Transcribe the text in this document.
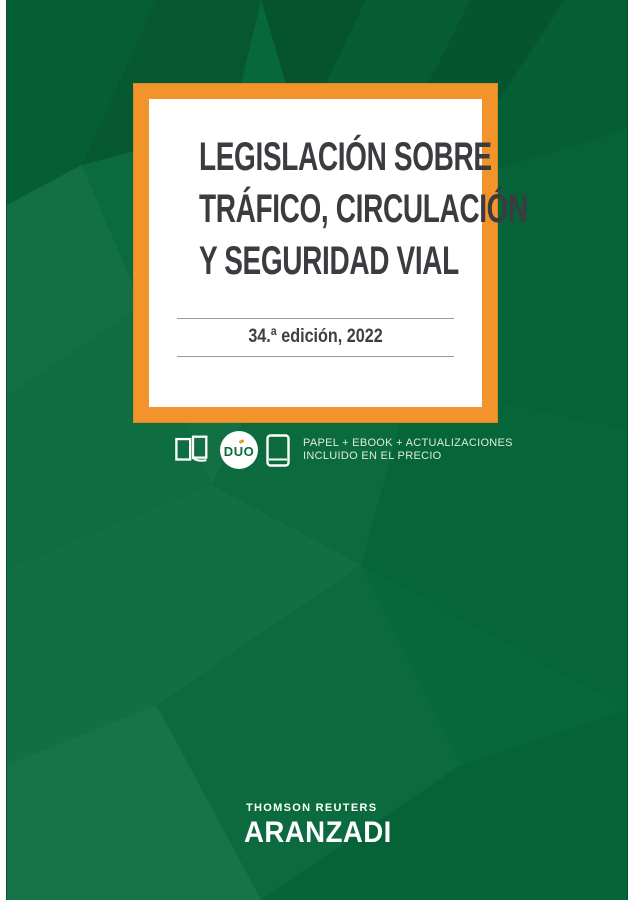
LEGISLACIÓN SOBRE
TRÁFICO, CIRCULACIÓN
Y SEGURIDAD VIAL
34.ª edición, 2022
D U O
PAPEL + EBOOK + ACTUALIZACIONES
INCLUIDO EN EL PRECIO
THOMSON REUTERS
ARANZADI
